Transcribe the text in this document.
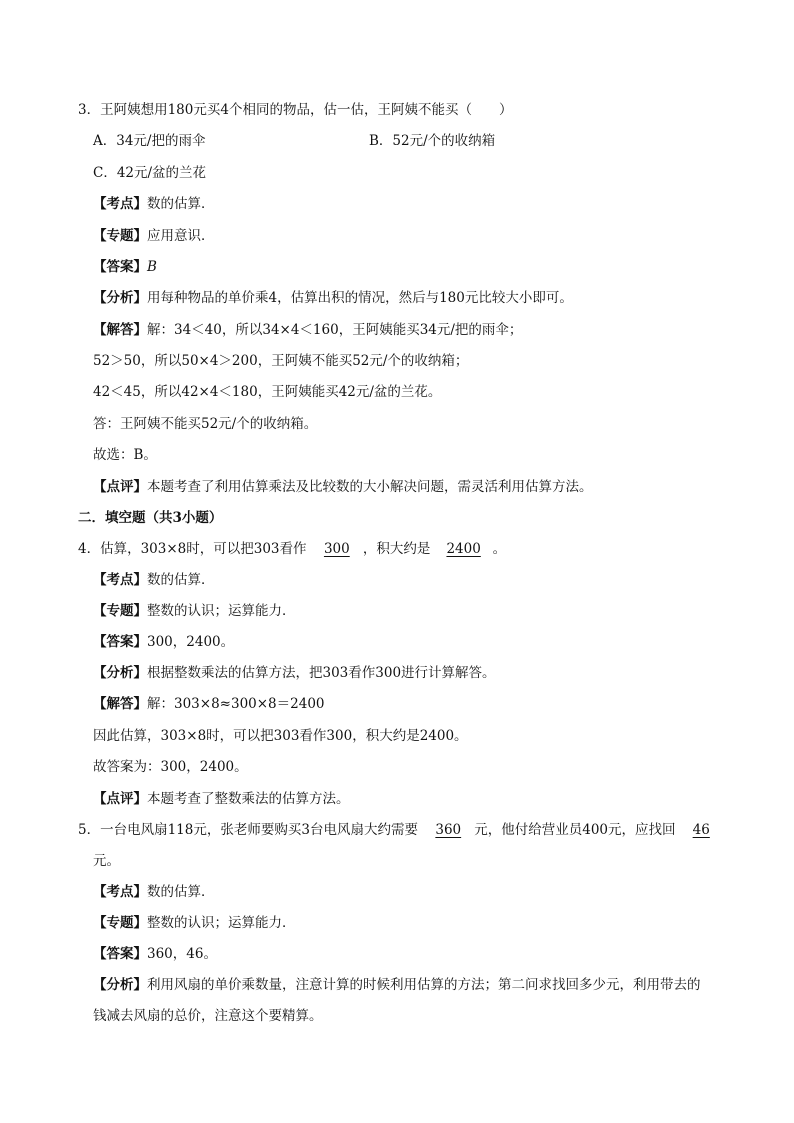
3．王阿姨想用180元买4个相同的物品，估一估，王阿姨不能买（　　）
A．34元/把的雨伞	B．52元/个的收纳箱
C．42元/盆的兰花
【考点】数的估算．
【专题】应用意识．
【答案】B
【分析】用每种物品的单价乘4，估算出积的情况，然后与180元比较大小即可。
【解答】解：34＜40，所以34×4＜160，王阿姨能买34元/把的雨伞；
52＞50，所以50×4＞200，王阿姨不能买52元/个的收纳箱；
42＜45，所以42×4＜180，王阿姨能买42元/盆的兰花。
答：王阿姨不能买52元/个的收纳箱。
故选：B。
【点评】本题考查了利用估算乘法及比较数的大小解决问题，需灵活利用估算方法。
二．填空题（共3小题）
4．估算，303×8时，可以把303看作 300 ，积大约是 2400 。
【考点】数的估算．
【专题】整数的认识；运算能力．
【答案】300，2400。
【分析】根据整数乘法的估算方法，把303看作300进行计算解答。
【解答】解：303×8≈300×8＝2400
因此估算，303×8时，可以把303看作300，积大约是2400。
故答案为：300，2400。
【点评】本题考查了整数乘法的估算方法。
5．一台电风扇118元，张老师要购买3台电风扇大约需要 360 元，他付给营业员400元，应找回 46
元。
【考点】数的估算．
【专题】整数的认识；运算能力．
【答案】360，46。
【分析】利用风扇的单价乘数量，注意计算的时候利用估算的方法；第二问求找回多少元，利用带去的
钱减去风扇的总价，注意这个要精算。
